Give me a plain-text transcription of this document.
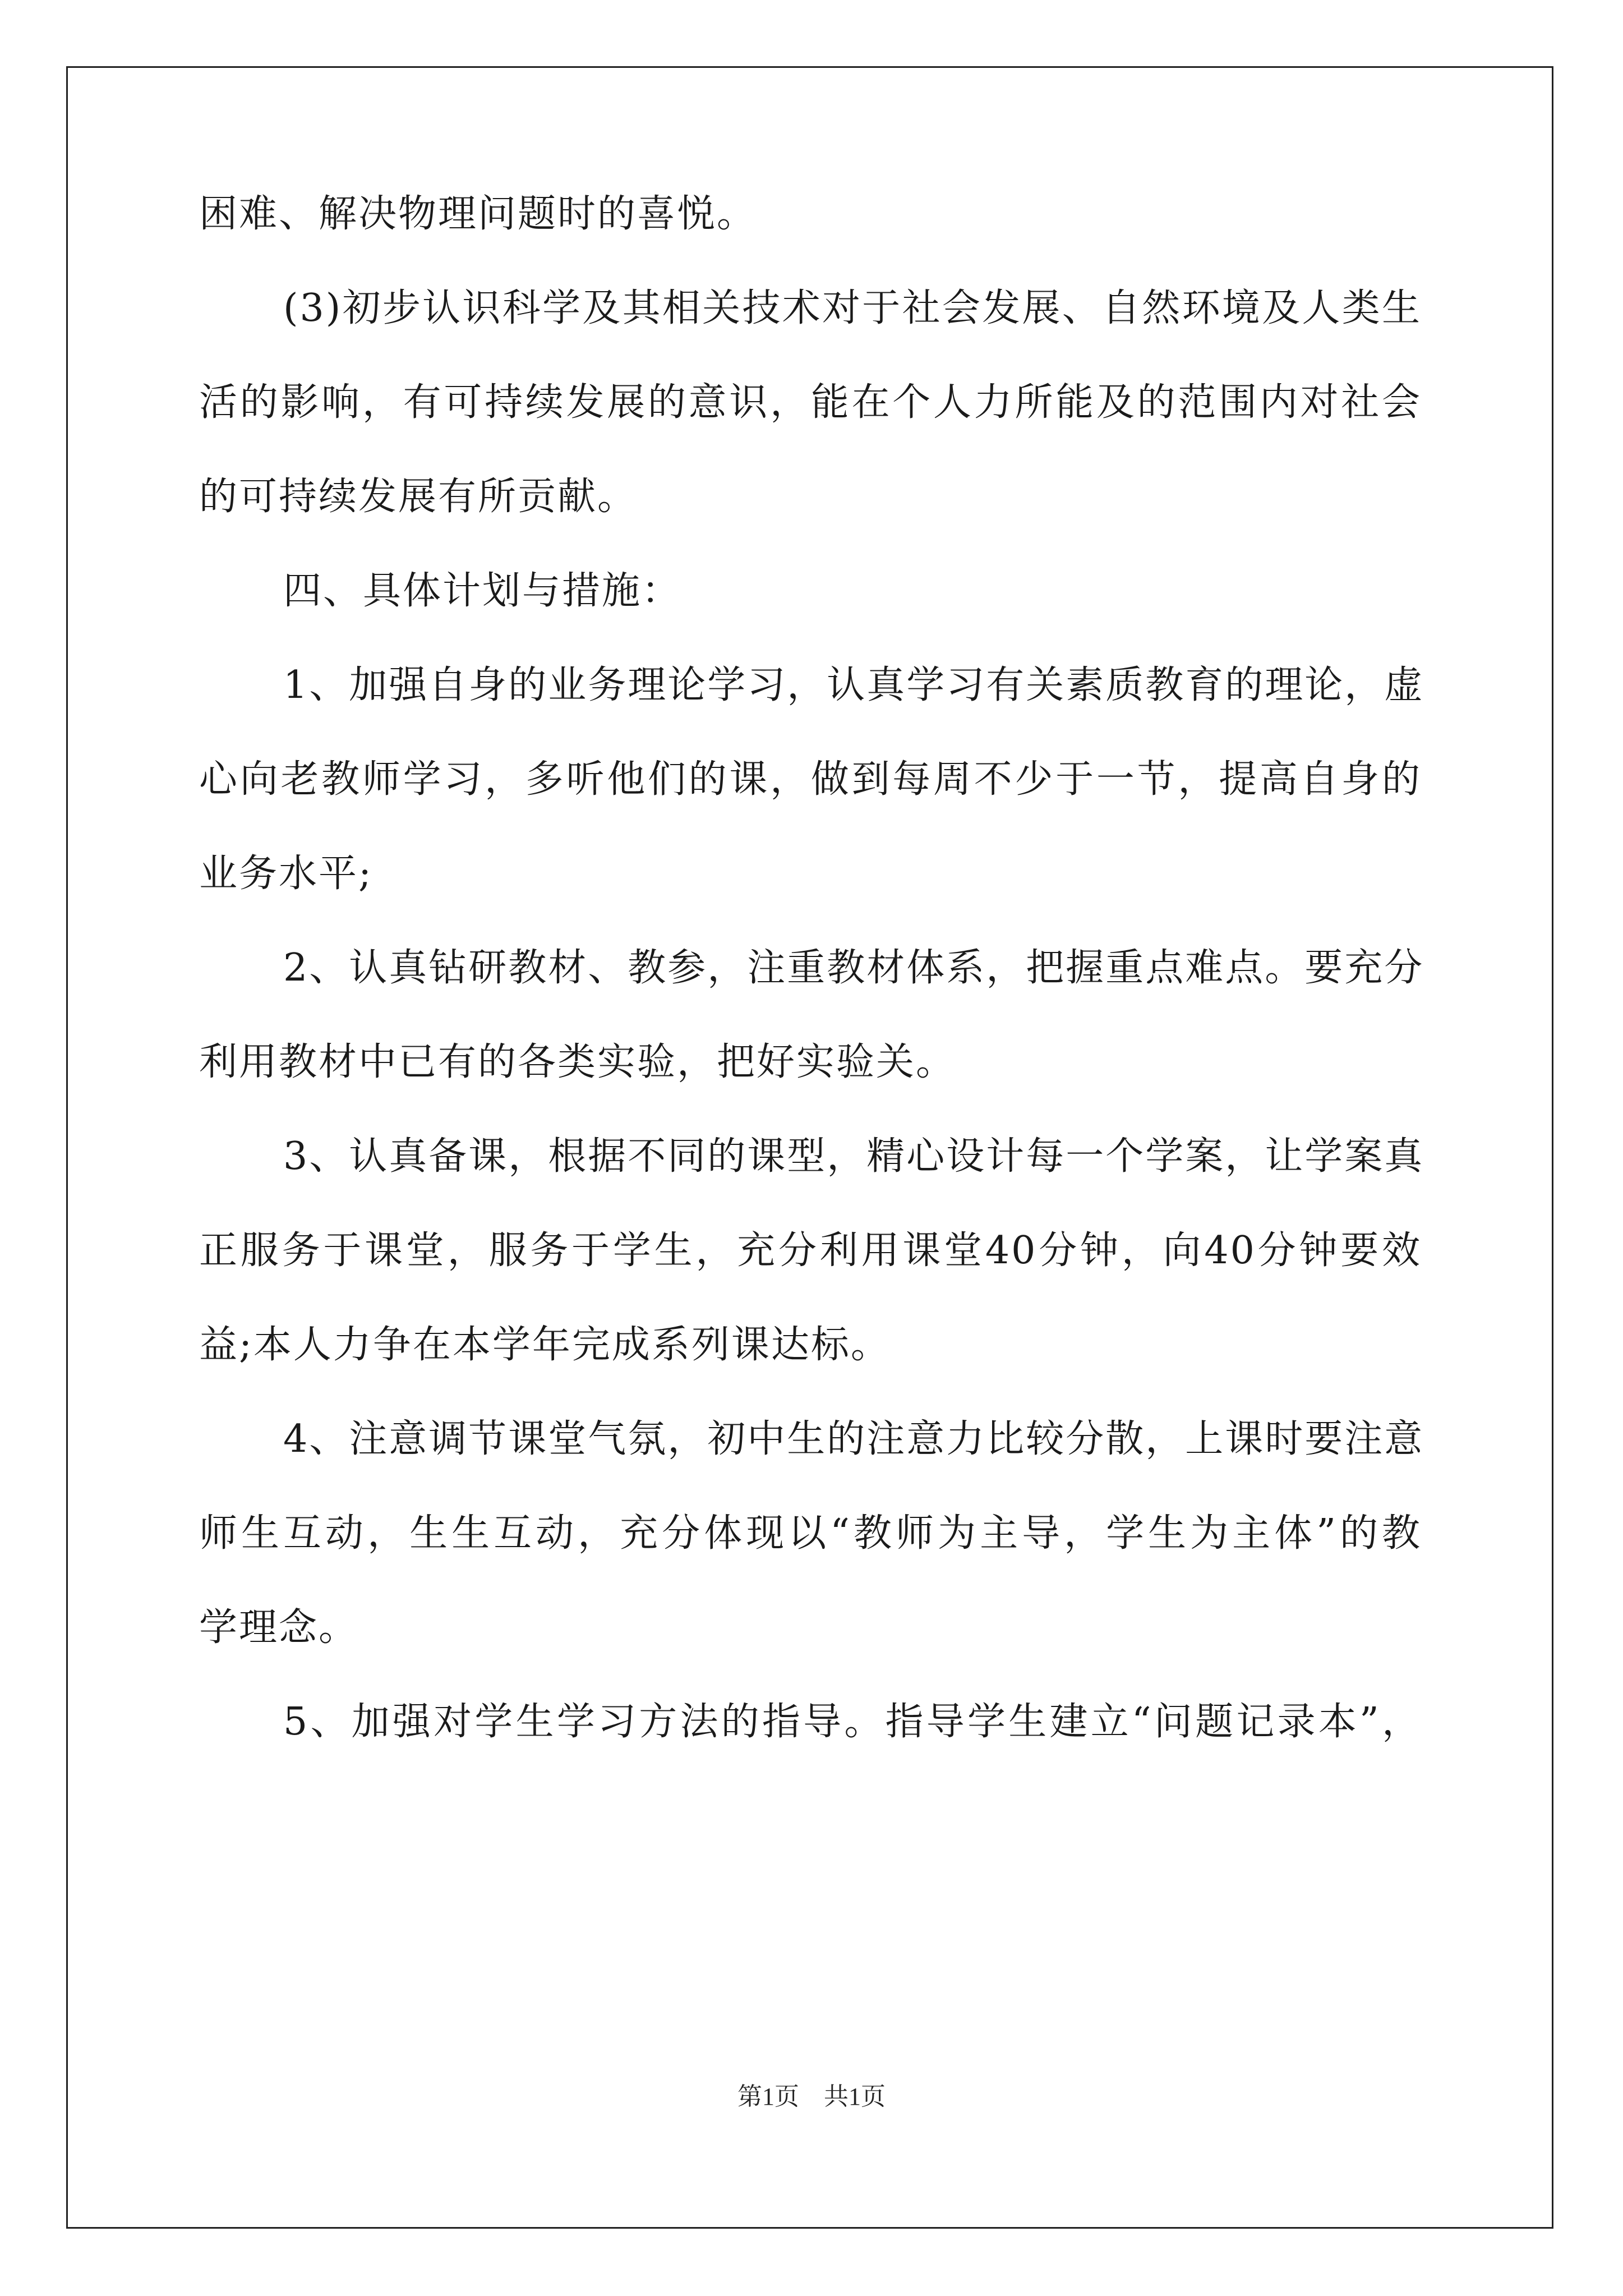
困难、解决物理问题时的喜悦。
(3)初步认识科学及其相关技术对于社会发展、自然环境及人类生
活的影响，有可持续发展的意识，能在个人力所能及的范围内对社会
的可持续发展有所贡献。
四、具体计划与措施：
1、加强自身的业务理论学习，认真学习有关素质教育的理论，虚
心向老教师学习，多听他们的课，做到每周不少于一节，提高自身的
业务水平;
2、认真钻研教材、教参，注重教材体系，把握重点难点。要充分
利用教材中已有的各类实验，把好实验关。
3、认真备课，根据不同的课型，精心设计每一个学案，让学案真
正服务于课堂，服务于学生，充分利用课堂40分钟，向40分钟要效
益;本人力争在本学年完成系列课达标。
4、注意调节课堂气氛，初中生的注意力比较分散，上课时要注意
师生互动，生生互动，充分体现以“教师为主导，学生为主体”的教
学理念。
5、加强对学生学习方法的指导。指导学生建立“问题记录本”，
第1页　共1页
